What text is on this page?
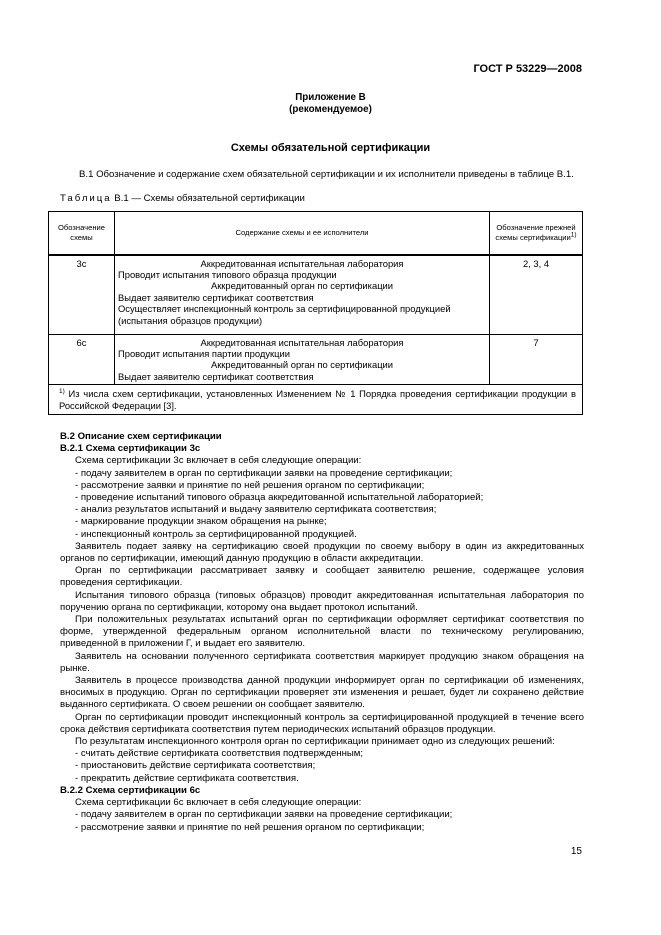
ГОСТ Р 53229—2008
Приложение В
(рекомендуемое)
Схемы обязательной сертификации
В.1 Обозначение и содержание схем обязательной сертификации и их исполнители приведены в таблице В.1.
Таблица В.1 — Схемы обязательной сертификации
Обозначение схемы	Содержание схемы и ее исполнители	Обозначение прежней схемы сертификации$^{1)}$
3с	Аккредитованная испытательная лаборатория
Проводит испытания типового образца продукции
Аккредитованный орган по сертификации
Выдает заявителю сертификат соответствия
Осуществляет инспекционный контроль за сертифицированной продукцией (испытания образцов продукции)	2, 3, 4
6с	Аккредитованная испытательная лаборатория
Проводит испытания партии продукции
Аккредитованный орган по сертификации
Выдает заявителю сертификат соответствия	7
$^{1)}$ Из числа схем сертификации, установленных Изменением № 1 Порядка проведения сертификации продукции в Российской Федерации [3].		

В.2 Описание схем сертификации

В.2.1 Схема сертификации 3с

Схема сертификации 3с включает в себя следующие операции:

- подачу заявителем в орган по сертификации заявки на проведение сертификации;

- рассмотрение заявки и принятие по ней решения органом по сертификации;

- проведение испытаний типового образца аккредитованной испытательной лабораторией;

- анализ результатов испытаний и выдачу заявителю сертификата соответствия;

- маркирование продукции знаком обращения на рынке;

- инспекционный контроль за сертифицированной продукцией.

Заявитель подает заявку на сертификацию своей продукции по своему выбору в один из аккредитованных органов по сертификации, имеющий данную продукцию в области аккредитации.

Орган по сертификации рассматривает заявку и сообщает заявителю решение, содержащее условия проведения сертификации.

Испытания типового образца (типовых образцов) проводит аккредитованная испытательная лаборатория по поручению органа по сертификации, которому она выдает протокол испытаний.

При положительных результатах испытаний орган по сертификации оформляет сертификат соответствия по форме, утвержденной федеральным органом исполнительной власти по техническому регулированию, приведенной в приложении Г, и выдает его заявителю.

Заявитель на основании полученного сертификата соответствия маркирует продукцию знаком обращения на рынке.

Заявитель в процессе производства данной продукции информирует орган по сертификации об изменениях, вносимых в продукцию. Орган по сертификации проверяет эти изменения и решает, будет ли сохранено действие выданного сертификата. О своем решении он сообщает заявителю.

Орган по сертификации проводит инспекционный контроль за сертифицированной продукцией в течение всего срока действия сертификата соответствия путем периодических испытаний образцов продукции.

По результатам инспекционного контроля орган по сертификации принимает одно из следующих решений:

- считать действие сертификата соответствия подтвержденным;

- приостановить действие сертификата соответствия;

- прекратить действие сертификата соответствия.

В.2.2 Схема сертификации 6с

Схема сертификации 6с включает в себя следующие операции:

- подачу заявителем в орган по сертификации заявки на проведение сертификации;

- рассмотрение заявки и принятие по ней решения органом по сертификации;

15
